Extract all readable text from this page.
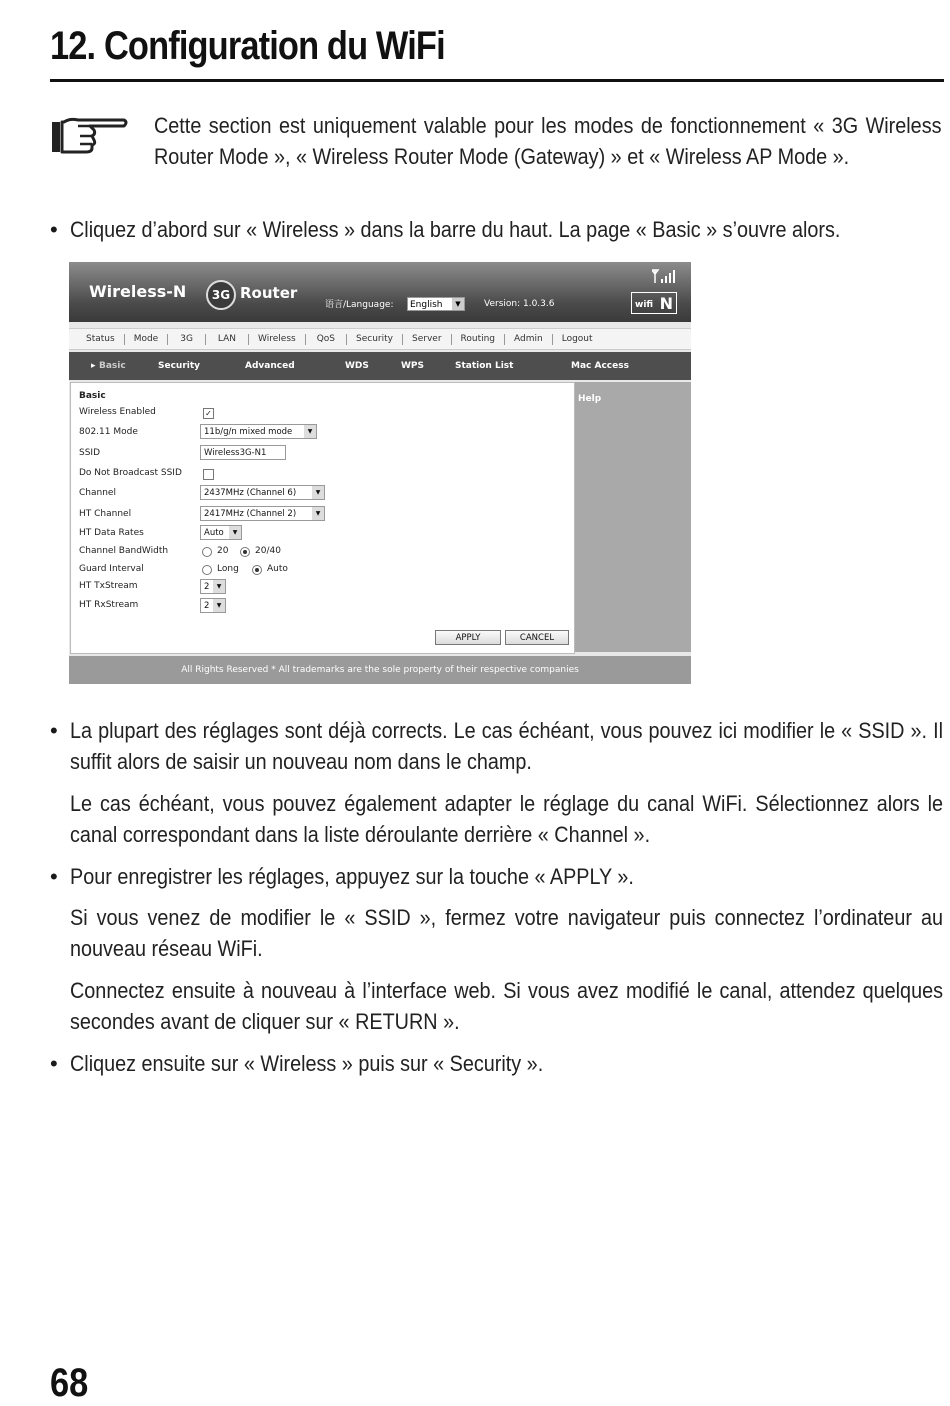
12. Configuration du WiFi
Cette section est uniquement valable pour les modes de fonctionnement « 3G Wireless Router Mode », « Wireless Router Mode (Gateway) » et « Wireless AP Mode ».
• Cliquez d’abord sur « Wireless » dans la barre du haut. La page « Basic » s’ouvre alors.
Wireless-N	3G Router
语言/Language:	English	▼	Version: 1.0.3.6	wifi N
Status	Mode	3G	LAN	Wireless	QoS	Security	Server	Routing	Admin	Logout
▸ Basic	Security	Advanced	WDS	WPS	Station List	Mac Access
Basic
Wireless Enabled	✓
802.11 Mode	11b/g/n mixed mode	▼
SSID	Wireless3G-N1
Do Not Broadcast SSID
Channel	2437MHz (Channel 6)	▼
HT Channel	2417MHz (Channel 2)	▼
HT Data Rates	Auto	▼
Channel BandWidth	20	20/40
Guard Interval	Long	Auto
HT TxStream	2	▼
HT RxStream	2	▼
APPLY	CANCEL
Help
All Rights Reserved * All trademarks are the sole property of their respective companies
• La plupart des réglages sont déjà corrects. Le cas échéant, vous pouvez ici modifier le « SSID ». Il suffit alors de saisir un nouveau nom dans le champ.
Le cas échéant, vous pouvez également adapter le réglage du canal WiFi. Sélectionnez alors le canal correspondant dans la liste déroulante derrière « Channel ».
• Pour enregistrer les réglages, appuyez sur la touche « APPLY ».
Si vous venez de modifier le « SSID », fermez votre navigateur puis connectez l’ordinateur au nouveau réseau WiFi.
Connectez ensuite à nouveau à l’interface web. Si vous avez modifié le canal, attendez quelques secondes avant de cliquer sur « RETURN ».
• Cliquez ensuite sur « Wireless » puis sur « Security ».
68
